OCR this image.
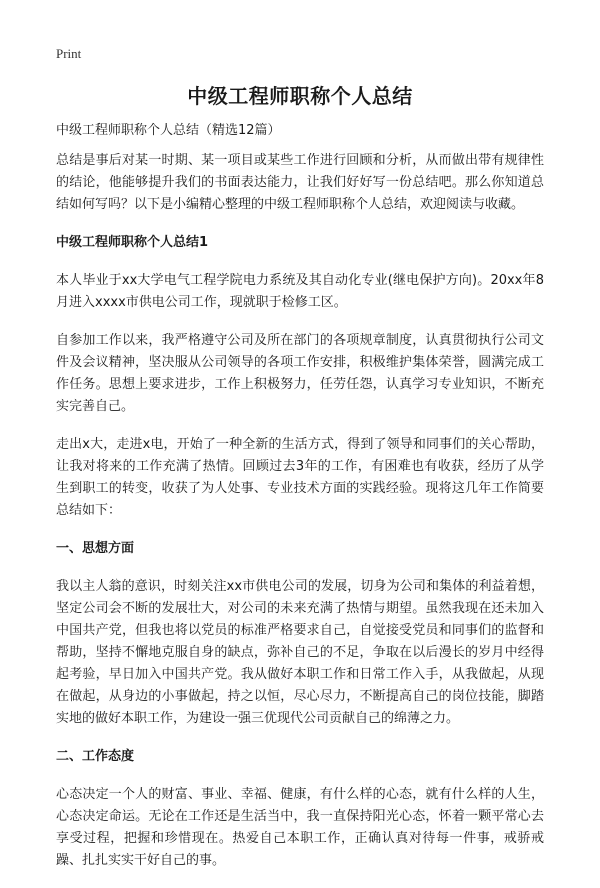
Print
中级工程师职称个人总结

中级工程师职称个人总结（精选12篇）

总结是事后对某一时期、某一项目或某些工作进行回顾和分析，从而做出带有规律性的结论，他能够提升我们的书面表达能力，让我们好好写一份总结吧。那么你知道总结如何写吗？以下是小编精心整理的中级工程师职称个人总结，欢迎阅读与收藏。

中级工程师职称个人总结1

本人毕业于xx大学电气工程学院电力系统及其自动化专业(继电保护方向)。20xx年8月进入xxxx市供电公司工作，现就职于检修工区。

自参加工作以来，我严格遵守公司及所在部门的各项规章制度，认真贯彻执行公司文件及会议精神，坚决服从公司领导的各项工作安排，积极维护集体荣誉，圆满完成工作任务。思想上要求进步，工作上积极努力，任劳任怨，认真学习专业知识，不断充实完善自己。

走出x大，走进x电，开始了一种全新的生活方式，得到了领导和同事们的关心帮助，让我对将来的工作充满了热情。回顾过去3年的工作，有困难也有收获，经历了从学生到职工的转变，收获了为人处事、专业技术方面的实践经验。现将这几年工作简要总结如下：

一、思想方面

我以主人翁的意识，时刻关注xx市供电公司的发展，切身为公司和集体的利益着想，坚定公司会不断的发展壮大，对公司的未来充满了热情与期望。虽然我现在还未加入中国共产党，但我也将以党员的标准严格要求自己，自觉接受党员和同事们的监督和帮助，坚持不懈地克服自身的缺点，弥补自己的不足，争取在以后漫长的岁月中经得起考验，早日加入中国共产党。我从做好本职工作和日常工作入手，从我做起，从现在做起，从身边的小事做起，持之以恒，尽心尽力，不断提高自己的岗位技能，脚踏实地的做好本职工作，为建设一强三优现代公司贡献自己的绵薄之力。

二、工作态度

心态决定一个人的财富、事业、幸福、健康，有什么样的心态，就有什么样的人生，心态决定命运。无论在工作还是生活当中，我一直保持阳光心态，怀着一颗平常心去享受过程，把握和珍惜现在。热爱自己本职工作，正确认真对待每一件事，戒骄戒躁、扎扎实实干好自己的事。
